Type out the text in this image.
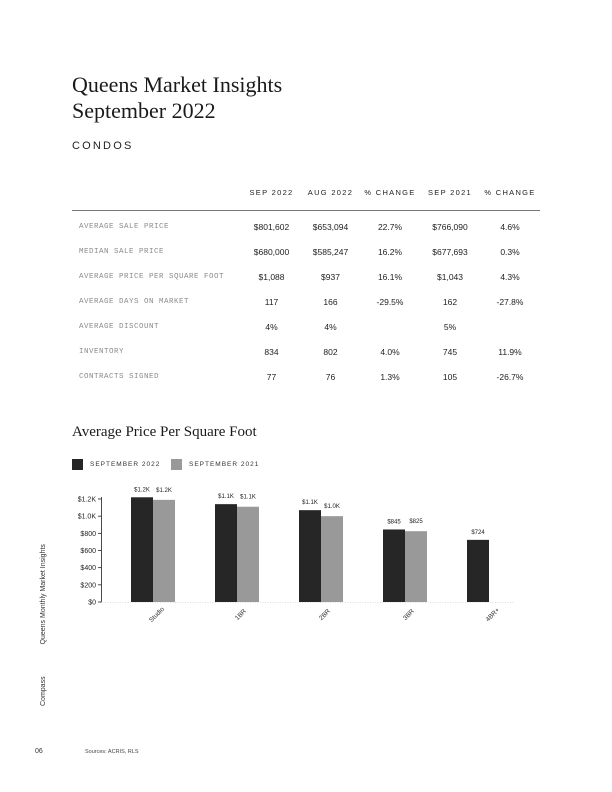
Queens Market Insights
September 2022
CONDOS
	SEP 2022	AUG 2022	% CHANGE	SEP 2021	% CHANGE
AVERAGE SALE PRICE	$801,602	$653,094	22.7%	$766,090	4.6%
MEDIAN SALE PRICE	$680,000	$585,247	16.2%	$677,693	0.3%
AVERAGE PRICE PER SQUARE FOOT	$1,088	$937	16.1%	$1,043	4.3%
AVERAGE DAYS ON MARKET	117	166	-29.5%	162	-27.8%
AVERAGE DISCOUNT	4%	4%		5%	
INVENTORY	834	802	4.0%	745	11.9%
CONTRACTS SIGNED	77	76	1.3%	105	-26.7%
Average Price Per Square Foot
SEPTEMBER 2022	SEPTEMBER 2021
$0
$200
$400
$600
$800
$1.0K
$1.2K
$1.2K $1.2K
Studio
$1.1K $1.1K
1BR
$1.1K
$1.0K
2BR
$845 $825
3BR
$724
4BR+
Compass Queens Monthly Market Insights
06	Sources: ACRIS, RLS
